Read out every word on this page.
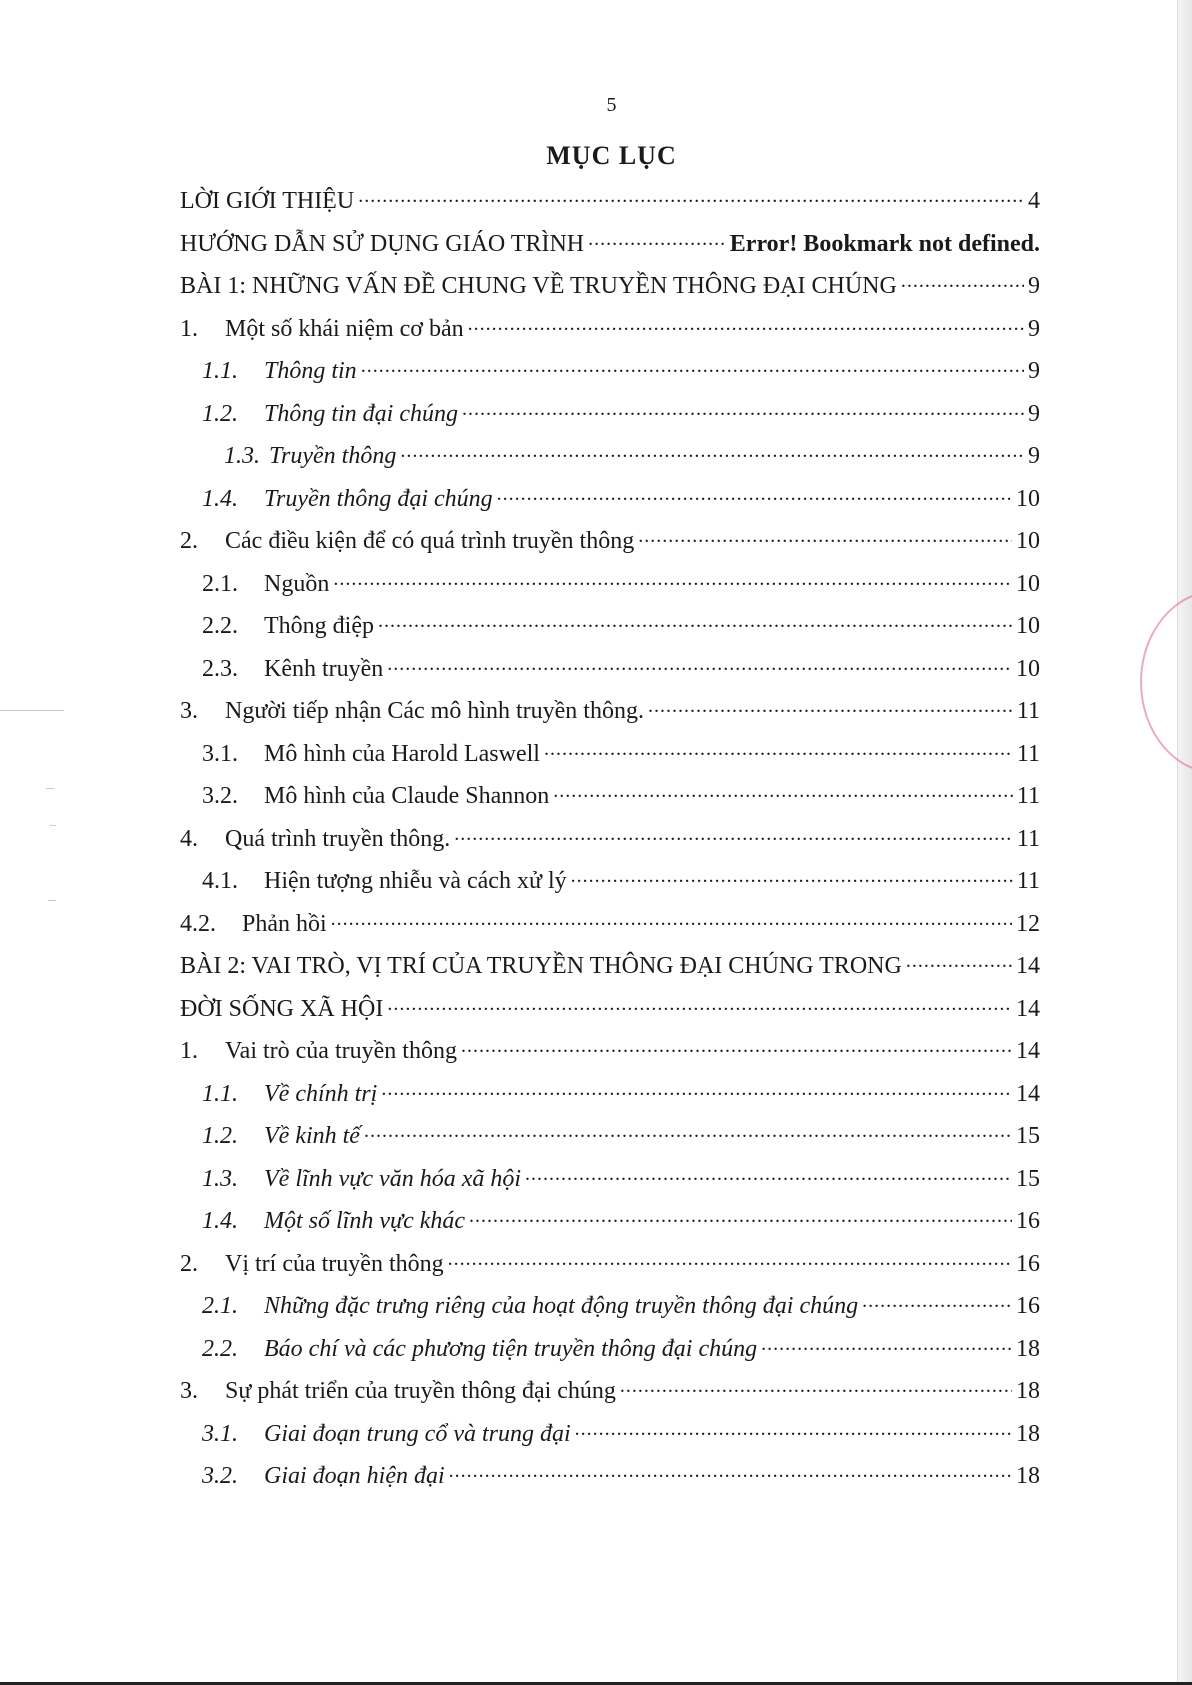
5
MỤC LỤC
LỜI GIỚI THIỆU .....	4
HƯỚNG DẪN SỬ DỤNG GIÁO TRÌNH .....	Error! Bookmark not defined.
BÀI 1: NHỮNG VẤN ĐỀ CHUNG VỀ TRUYỀN THÔNG ĐẠI CHÚNG .....	9
1.	Một số khái niệm cơ bản .....	9
1.1.	Thông tin .....	9
1.2.	Thông tin đại chúng .....	9
1.3. Truyền thông .....	9
1.4.	Truyền thông đại chúng .....	10
2.	Các điều kiện để có quá trình truyền thông .....	10
2.1.	Nguồn .....	10
2.2.	Thông điệp .....	10
2.3.	Kênh truyền .....	10
3.	Người tiếp nhận Các mô hình truyền thông. .....	11
3.1.	Mô hình của Harold Laswell .....	11
3.2.	Mô hình của Claude Shannon .....	11
4.	Quá trình truyền thông. .....	11
4.1.	Hiện tượng nhiễu và cách xử lý .....	11
4.2.	Phản hồi .....	12
BÀI 2: VAI TRÒ, VỊ TRÍ CỦA TRUYỀN THÔNG ĐẠI CHÚNG TRONG .....	14
ĐỜI SỐNG XÃ HỘI .....	14
1.	Vai trò của truyền thông .....	14
1.1.	Về chính trị .....	14
1.2.	Về kinh tế .....	15
1.3.	Về lĩnh vực văn hóa xã hội .....	15
1.4.	Một số lĩnh vực khác .....	16
2.	Vị trí của truyền thông .....	16
2.1.	Những đặc trưng riêng của hoạt động truyền thông đại chúng .....	16
2.2.	Báo chí và các phương tiện truyền thông đại chúng .....	18
3.	Sự phát triển của truyền thông đại chúng .....	18
3.1.	Giai đoạn trung cổ và trung đại .....	18
3.2.	Giai đoạn hiện đại .....	18
